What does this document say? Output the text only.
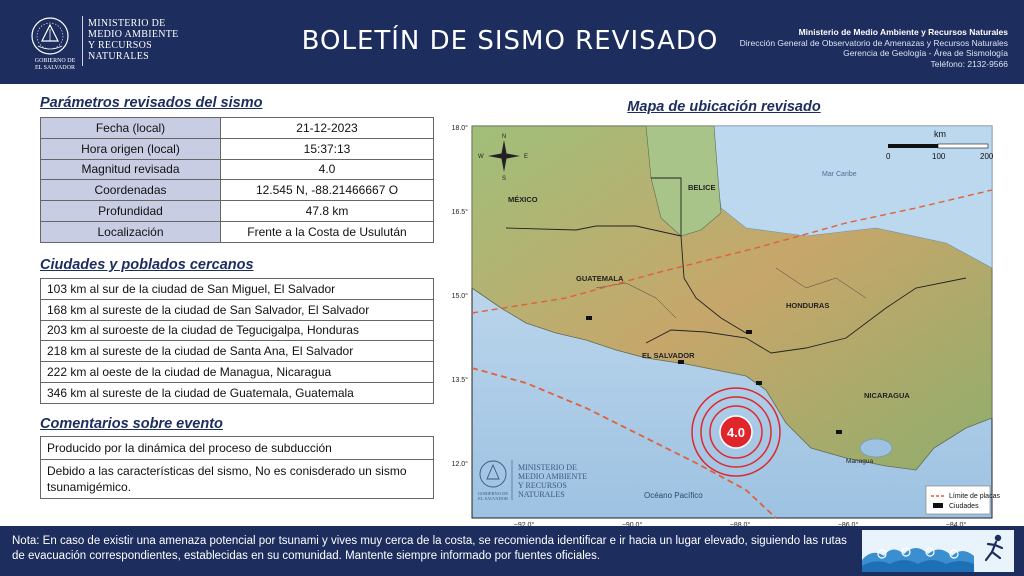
GOBIERNO DE
EL SALVADOR
MINISTERIO DE
MEDIO AMBIENTE
Y RECURSOS
NATURALES
BOLETÍN DE SISMO REVISADO	Ministerio de Medio Ambiente y Recursos Naturales
Dirección General de Observatorio de Amenazas y Recursos Naturales
Gerencia de Geología - Área de Sismología
Teléfono: 2132-9566
Parámetros revisados del sismo
Fecha (local)	21-12-2023
Hora origen (local)	15:37:13
Magnitud revisada	4.0
Coordenadas	12.545 N, -88.21466667 O
Profundidad	47.8 km
Localización	Frente a la Costa de Usulután
Ciudades y poblados cercanos
103 km al sur de la ciudad de San Miguel, El Salvador
168 km al sureste de la ciudad de San Salvador, El Salvador
203 km al suroeste de la ciudad de Tegucigalpa, Honduras
218 km al sureste de la ciudad de Santa Ana, El Salvador
222 km al oeste de la ciudad de Managua, Nicaragua
346 km al sureste de la ciudad de Guatemala, Guatemala
Comentarios sobre evento
Producido por la dinámica del proceso de subducción
Debido a las características del sismo, No es conisderado un sismo tsunamigémico.
Mapa de ubicación revisado
4.0
MÉXICO
BELICE
GUATEMALA
HONDURAS
EL SALVADOR
NICARAGUA
Mar Caribe
Managua
Océano Pacífico
N
S
E
W
km
0	100	200
MINISTERIO DE
MEDIO AMBIENTE
Y RECURSOS
NATURALES
GOBIERNO DE
EL SALVADOR	Límite de placas
Ciudades
18.0°
16.5°
15.0°
13.5°
12.0°
Nota: En caso de existir una amenaza potencial por tsunami y vives muy cerca de la costa, se recomienda identificar e ir hacia un lugar elevado, siguiendo las rutas de evacuación correspondientes, establecidas en su comunidad. Mantente siempre informado por fuentes oficiales.
